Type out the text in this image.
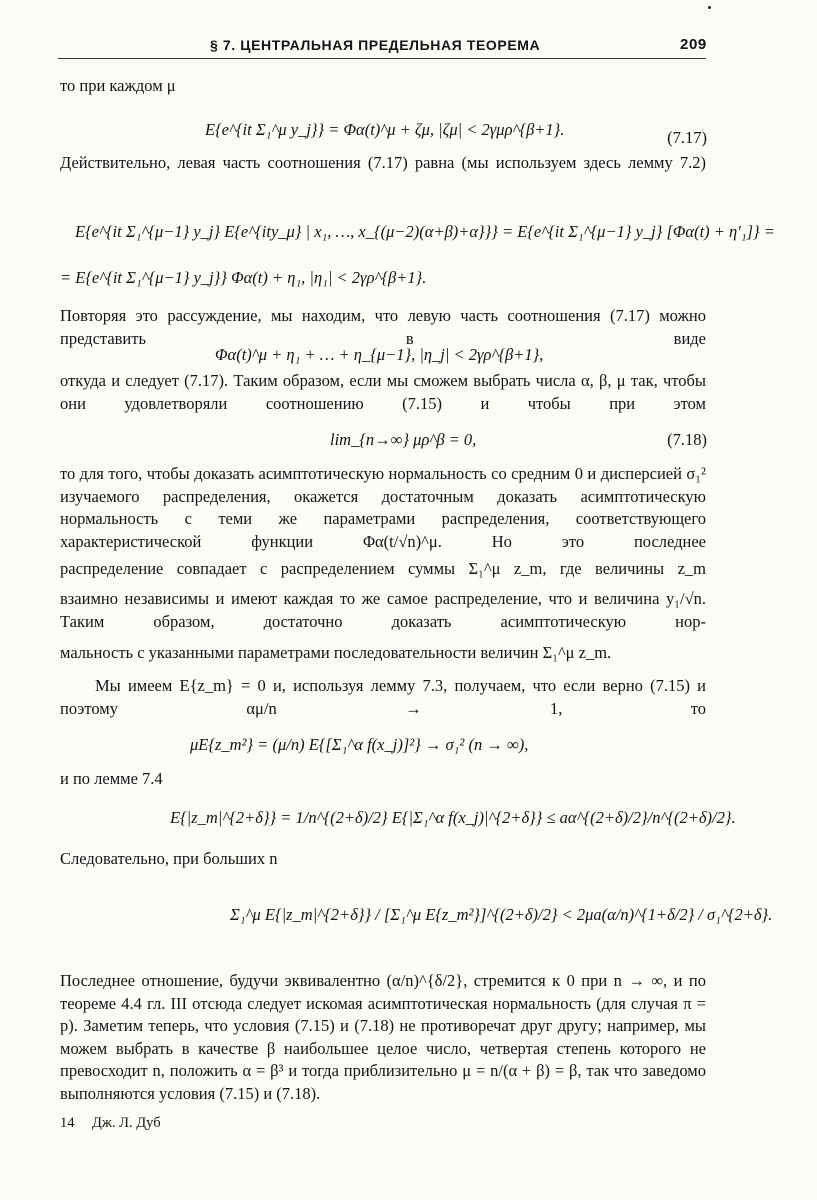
§ 7. ЦЕНТРАЛЬНАЯ ПРЕДЕЛЬНАЯ ТЕОРЕМА	209
то при каждом μ
E{e^{it Σ₁^μ y_j}} = Φα(t)^μ + ζμ, |ζμ| < 2γμρ^{β+1}.	(7.17)
Действительно, левая часть соотношения (7.17) равна (мы используем здесь лемму 7.2)
E{e^{it Σ₁^{μ−1} y_j} E{e^{ity_μ} | x₁, …, x_{(μ−2)(α+β)+α}}} = E{e^{it Σ₁^{μ−1} y_j} [Φα(t) + η′₁]} =
= E{e^{it Σ₁^{μ−1} y_j}} Φα(t) + η₁, |η₁| < 2γρ^{β+1}.
Повторяя это рассуждение, мы находим, что левую часть соотношения (7.17) можно представить в виде
Φα(t)^μ + η₁ + … + η_{μ−1}, |η_j| < 2γρ^{β+1},
откуда и следует (7.17). Таким образом, если мы сможем выбрать числа α, β, μ так, чтобы они удовлетворяли соотношению (7.15) и чтобы при этом
lim_{n→∞} μρ^β = 0,	(7.18)
то для того, чтобы доказать асимптотическую нормальность со средним 0 и дисперсией σ₁² изучаемого распределения, окажется достаточным доказать асимптотическую нормальность с теми же параметрами распределения, соответствующего характеристической функции Φα(t/√n)^μ. Но это последнее
распределение совпадает с распределением суммы Σ₁^μ z_m, где величины z_m
взаимно независимы и имеют каждая то же самое распределение, что и величина y₁/√n. Таким образом, достаточно доказать асимптотическую нор-
мальность с указанными параметрами последовательности величин Σ₁^μ z_m.
Мы имеем E{z_m} = 0 и, используя лемму 7.3, получаем, что если верно (7.15) и поэтому αμ/n → 1, то
μE{z_m²} = (μ/n) E{[Σ₁^α f(x_j)]²} → σ₁² (n → ∞),
и по лемме 7.4
E{|z_m|^{2+δ}} = 1/n^{(2+δ)/2} E{|Σ₁^α f(x_j)|^{2+δ}} ≤ aα^{(2+δ)/2}/n^{(2+δ)/2}.
Следовательно, при больших n
Σ₁^μ E{|z_m|^{2+δ}} / [Σ₁^μ E{z_m²}]^{(2+δ)/2} < 2μa(α/n)^{1+δ/2} / σ₁^{2+δ}.
Последнее отношение, будучи эквивалентно (α/n)^{δ/2}, стремится к 0 при n → ∞, и по теореме 4.4 гл. III отсюда следует искомая асимптотическая нормальность (для случая π = p). Заметим теперь, что условия (7.15) и (7.18) не противоречат друг другу; например, мы можем выбрать в качестве β наибольшее целое число, четвертая степень которого не превосходит n, положить α = β³ и тогда приблизительно μ = n/(α + β) = β, так что заведомо выполняются условия (7.15) и (7.18).
14 Дж. Л. Дуб
